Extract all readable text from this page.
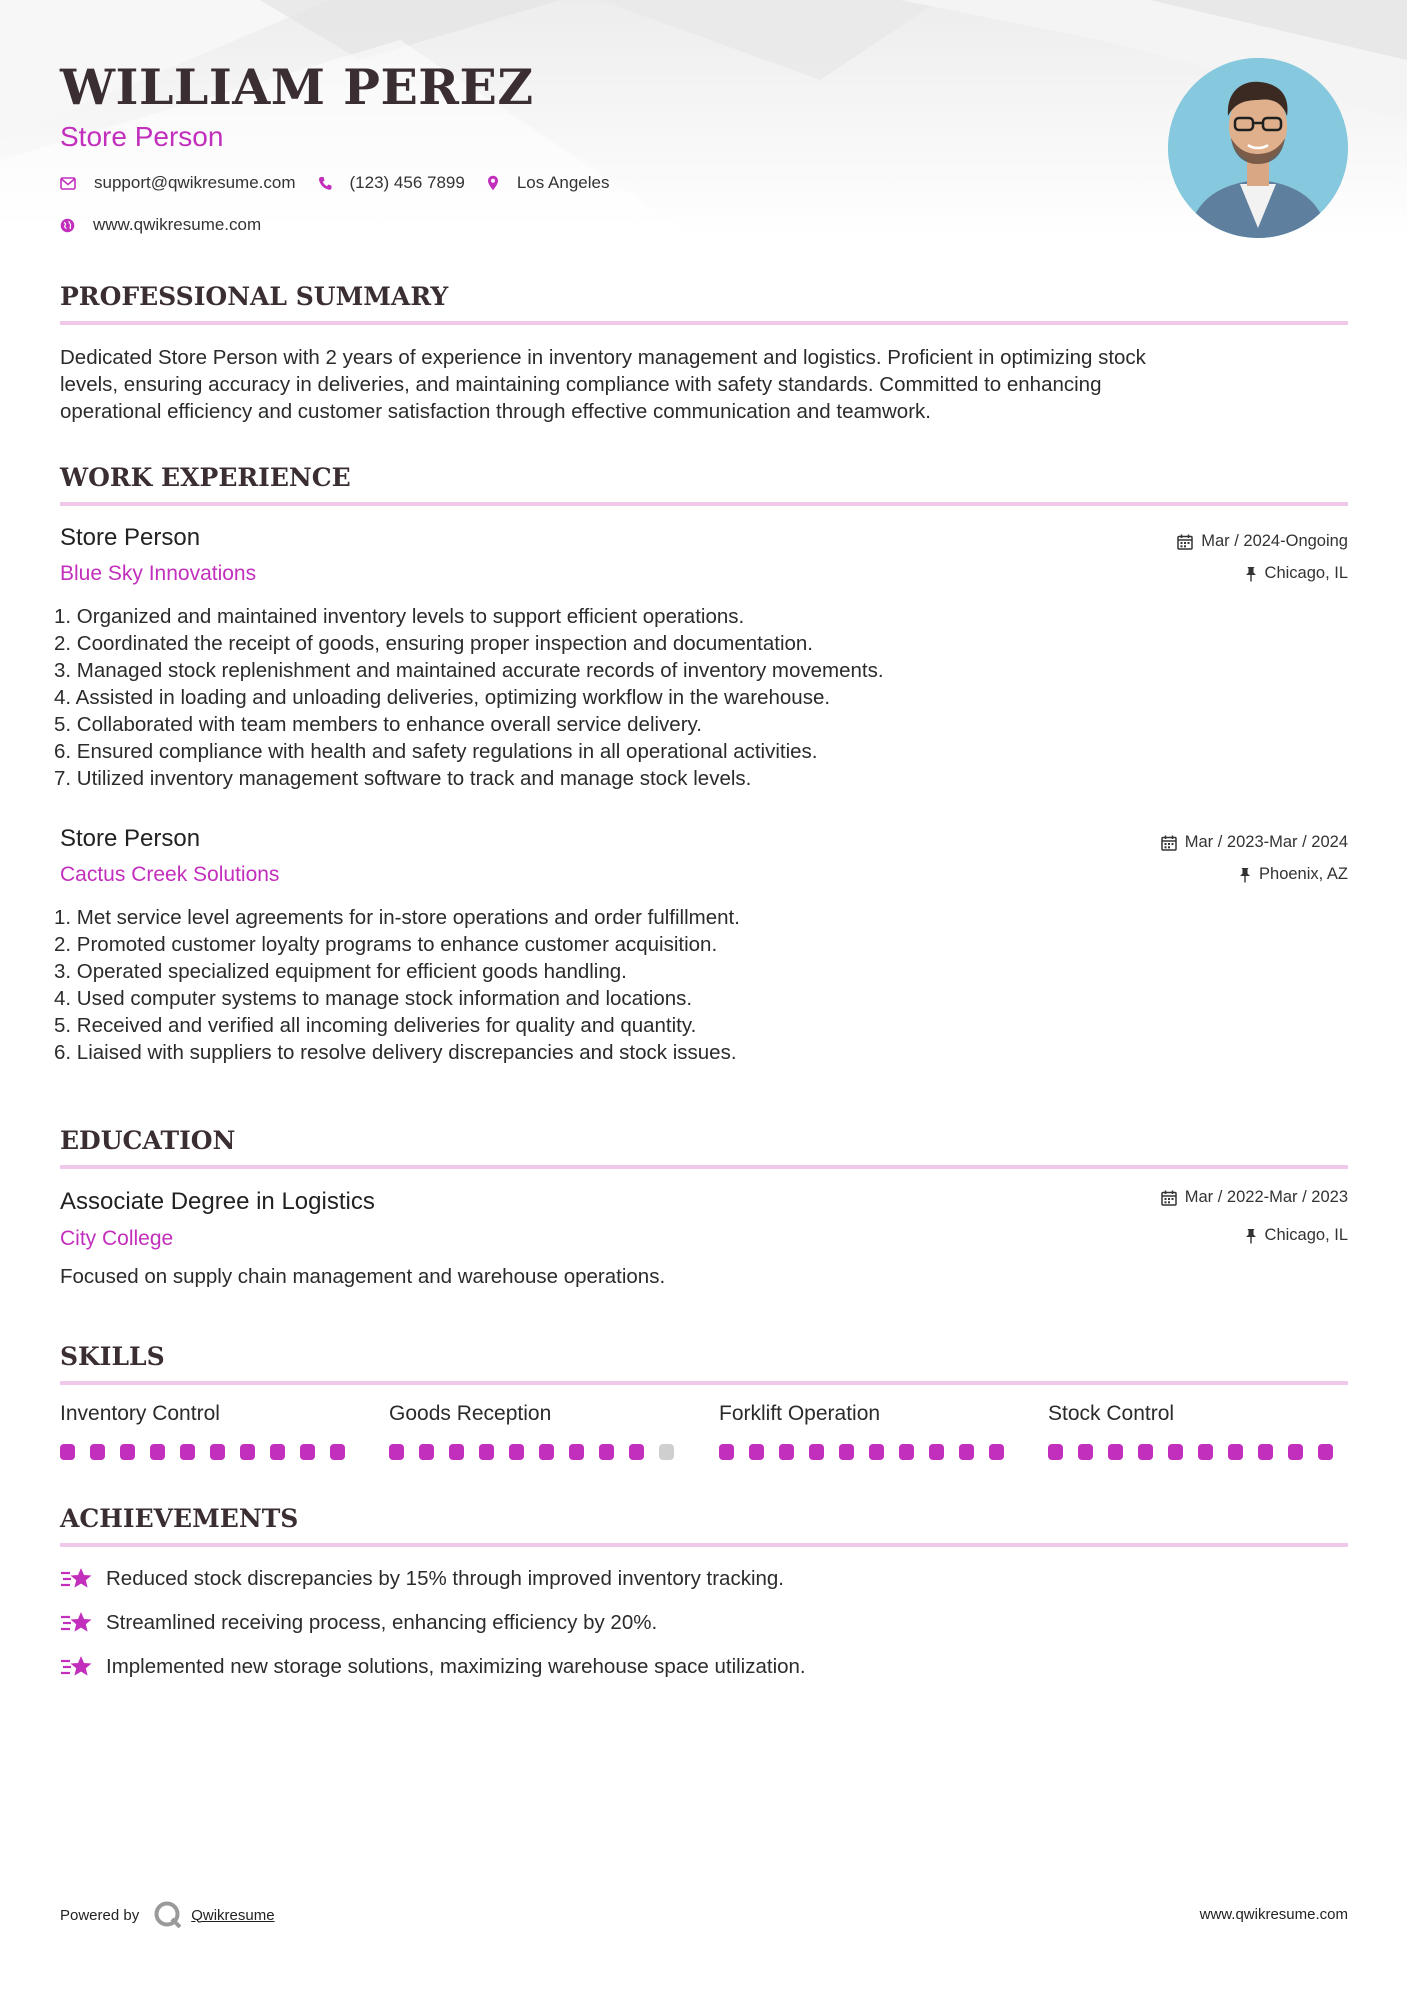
WILLIAM PEREZ
Store Person
support@qwikresume.com	(123) 456 7899	Los Angeles
www.qwikresume.com
PROFESSIONAL SUMMARY
Dedicated Store Person with 2 years of experience in inventory management and logistics. Proficient in optimizing stock
levels, ensuring accuracy in deliveries, and maintaining compliance with safety standards. Committed to enhancing
operational efficiency and customer satisfaction through effective communication and teamwork.
WORK EXPERIENCE
Store Person
Blue Sky Innovations
Mar / 2024-Ongoing
Chicago, IL
1. Organized and maintained inventory levels to support efficient operations.
2. Coordinated the receipt of goods, ensuring proper inspection and documentation.
3. Managed stock replenishment and maintained accurate records of inventory movements.
4. Assisted in loading and unloading deliveries, optimizing workflow in the warehouse.
5. Collaborated with team members to enhance overall service delivery.
6. Ensured compliance with health and safety regulations in all operational activities.
7. Utilized inventory management software to track and manage stock levels.
Store Person
Cactus Creek Solutions
Mar / 2023-Mar / 2024
Phoenix, AZ
1. Met service level agreements for in-store operations and order fulfillment.
2. Promoted customer loyalty programs to enhance customer acquisition.
3. Operated specialized equipment for efficient goods handling.
4. Used computer systems to manage stock information and locations.
5. Received and verified all incoming deliveries for quality and quantity.
6. Liaised with suppliers to resolve delivery discrepancies and stock issues.
EDUCATION
Associate Degree in Logistics
City College
Mar / 2022-Mar / 2023
Chicago, IL
Focused on supply chain management and warehouse operations.
SKILLS
Inventory Control	Goods Reception	Forklift Operation	Stock Control
ACHIEVEMENTS
Reduced stock discrepancies by 15% through improved inventory tracking.
Streamlined receiving process, enhancing efficiency by 20%.
Implemented new storage solutions, maximizing warehouse space utilization.
Powered by	Qwikresume	www.qwikresume.com
